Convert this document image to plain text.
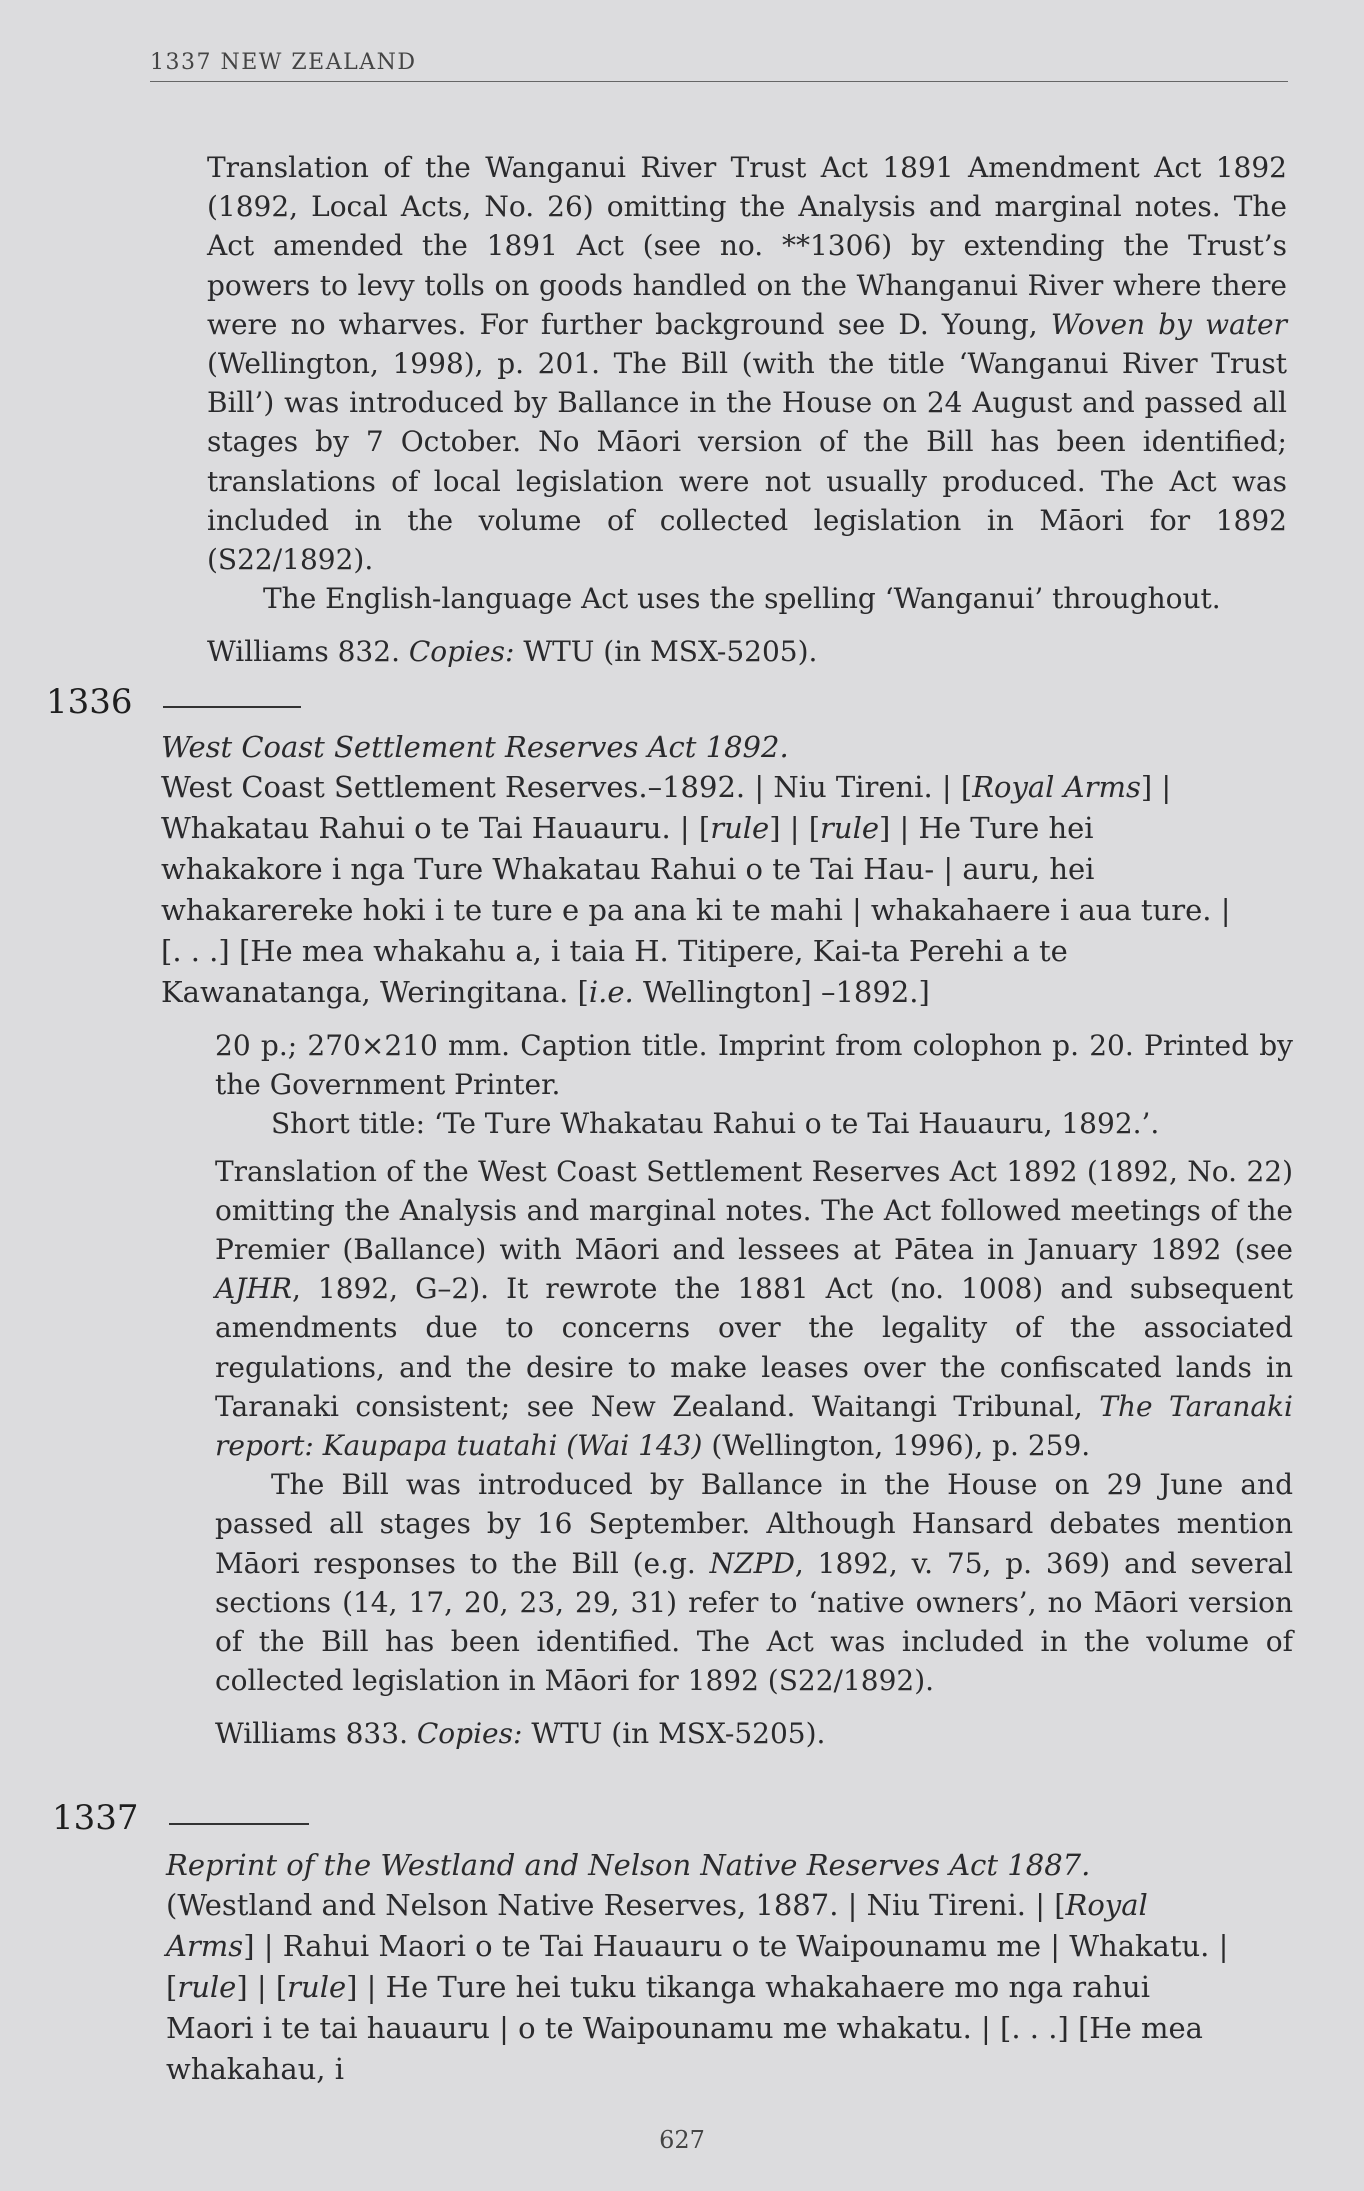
1337 NEW ZEALAND

Translation of the Wanganui River Trust Act 1891 Amendment Act 1892 (1892, Local Acts, No. 26) omitting the Analysis and marginal notes. The Act amended the 1891 Act (see no. **1306) by extending the Trust’s powers to levy tolls on goods handled on the Whanganui River where there were no wharves. For further background see D. Young, Woven by water (Wellington, 1998), p. 201. The Bill (with the title ‘Wanganui River Trust Bill’) was introduced by Ballance in the House on 24 August and passed all stages by 7 October. No Māori version of the Bill has been identified; translations of local legislation were not usually produced. The Act was included in the volume of collected legislation in Māori for 1892 (S22/1892).

The English-language Act uses the spelling ‘Wanganui’ throughout.

Williams 832. Copies: WTU (in MSX-5205).

1336

West Coast Settlement Reserves Act 1892.

West Coast Settlement Reserves.–1892. | Niu Tireni. | [Royal Arms] | Whakatau Rahui o te Tai Hauauru. | [rule] | [rule] | He Ture hei whakakore i nga Ture Whakatau Rahui o te Tai Hau- | auru, hei whakarereke hoki i te ture e pa ana ki te mahi | whakahaere i aua ture. | [. . .] [He mea whakahu a, i taia H. Titipere, Kai-ta Perehi a te Kawanatanga, Weringitana. [i.e. Wellington] –1892.]

20 p.; 270×210 mm. Caption title. Imprint from colophon p. 20. Printed by the Government Printer.

Short title: ‘Te Ture Whakatau Rahui o te Tai Hauauru, 1892.’.

Translation of the West Coast Settlement Reserves Act 1892 (1892, No. 22) omitting the Analysis and marginal notes. The Act followed meetings of the Premier (Ballance) with Māori and lessees at Pātea in January 1892 (see AJHR, 1892, G–2). It rewrote the 1881 Act (no. 1008) and subsequent amendments due to concerns over the legality of the associated regulations, and the desire to make leases over the confiscated lands in Taranaki consistent; see New Zealand. Waitangi Tribunal, The Taranaki report: Kaupapa tuatahi (Wai 143) (Wellington, 1996), p. 259.

The Bill was introduced by Ballance in the House on 29 June and passed all stages by 16 September. Although Hansard debates mention Māori responses to the Bill (e.g. NZPD, 1892, v. 75, p. 369) and several sections (14, 17, 20, 23, 29, 31) refer to ‘native owners’, no Māori version of the Bill has been identified. The Act was included in the volume of collected legislation in Māori for 1892 (S22/1892).

Williams 833. Copies: WTU (in MSX-5205).

1337

Reprint of the Westland and Nelson Native Reserves Act 1887.

(Westland and Nelson Native Reserves, 1887. | Niu Tireni. | [Royal Arms] | Rahui Maori o te Tai Hauauru o te Waipounamu me | Whakatu. | [rule] | [rule] | He Ture hei tuku tikanga whakahaere mo nga rahui Maori i te tai hauauru | o te Waipounamu me whakatu. | [. . .] [He mea whakahau, i

627
